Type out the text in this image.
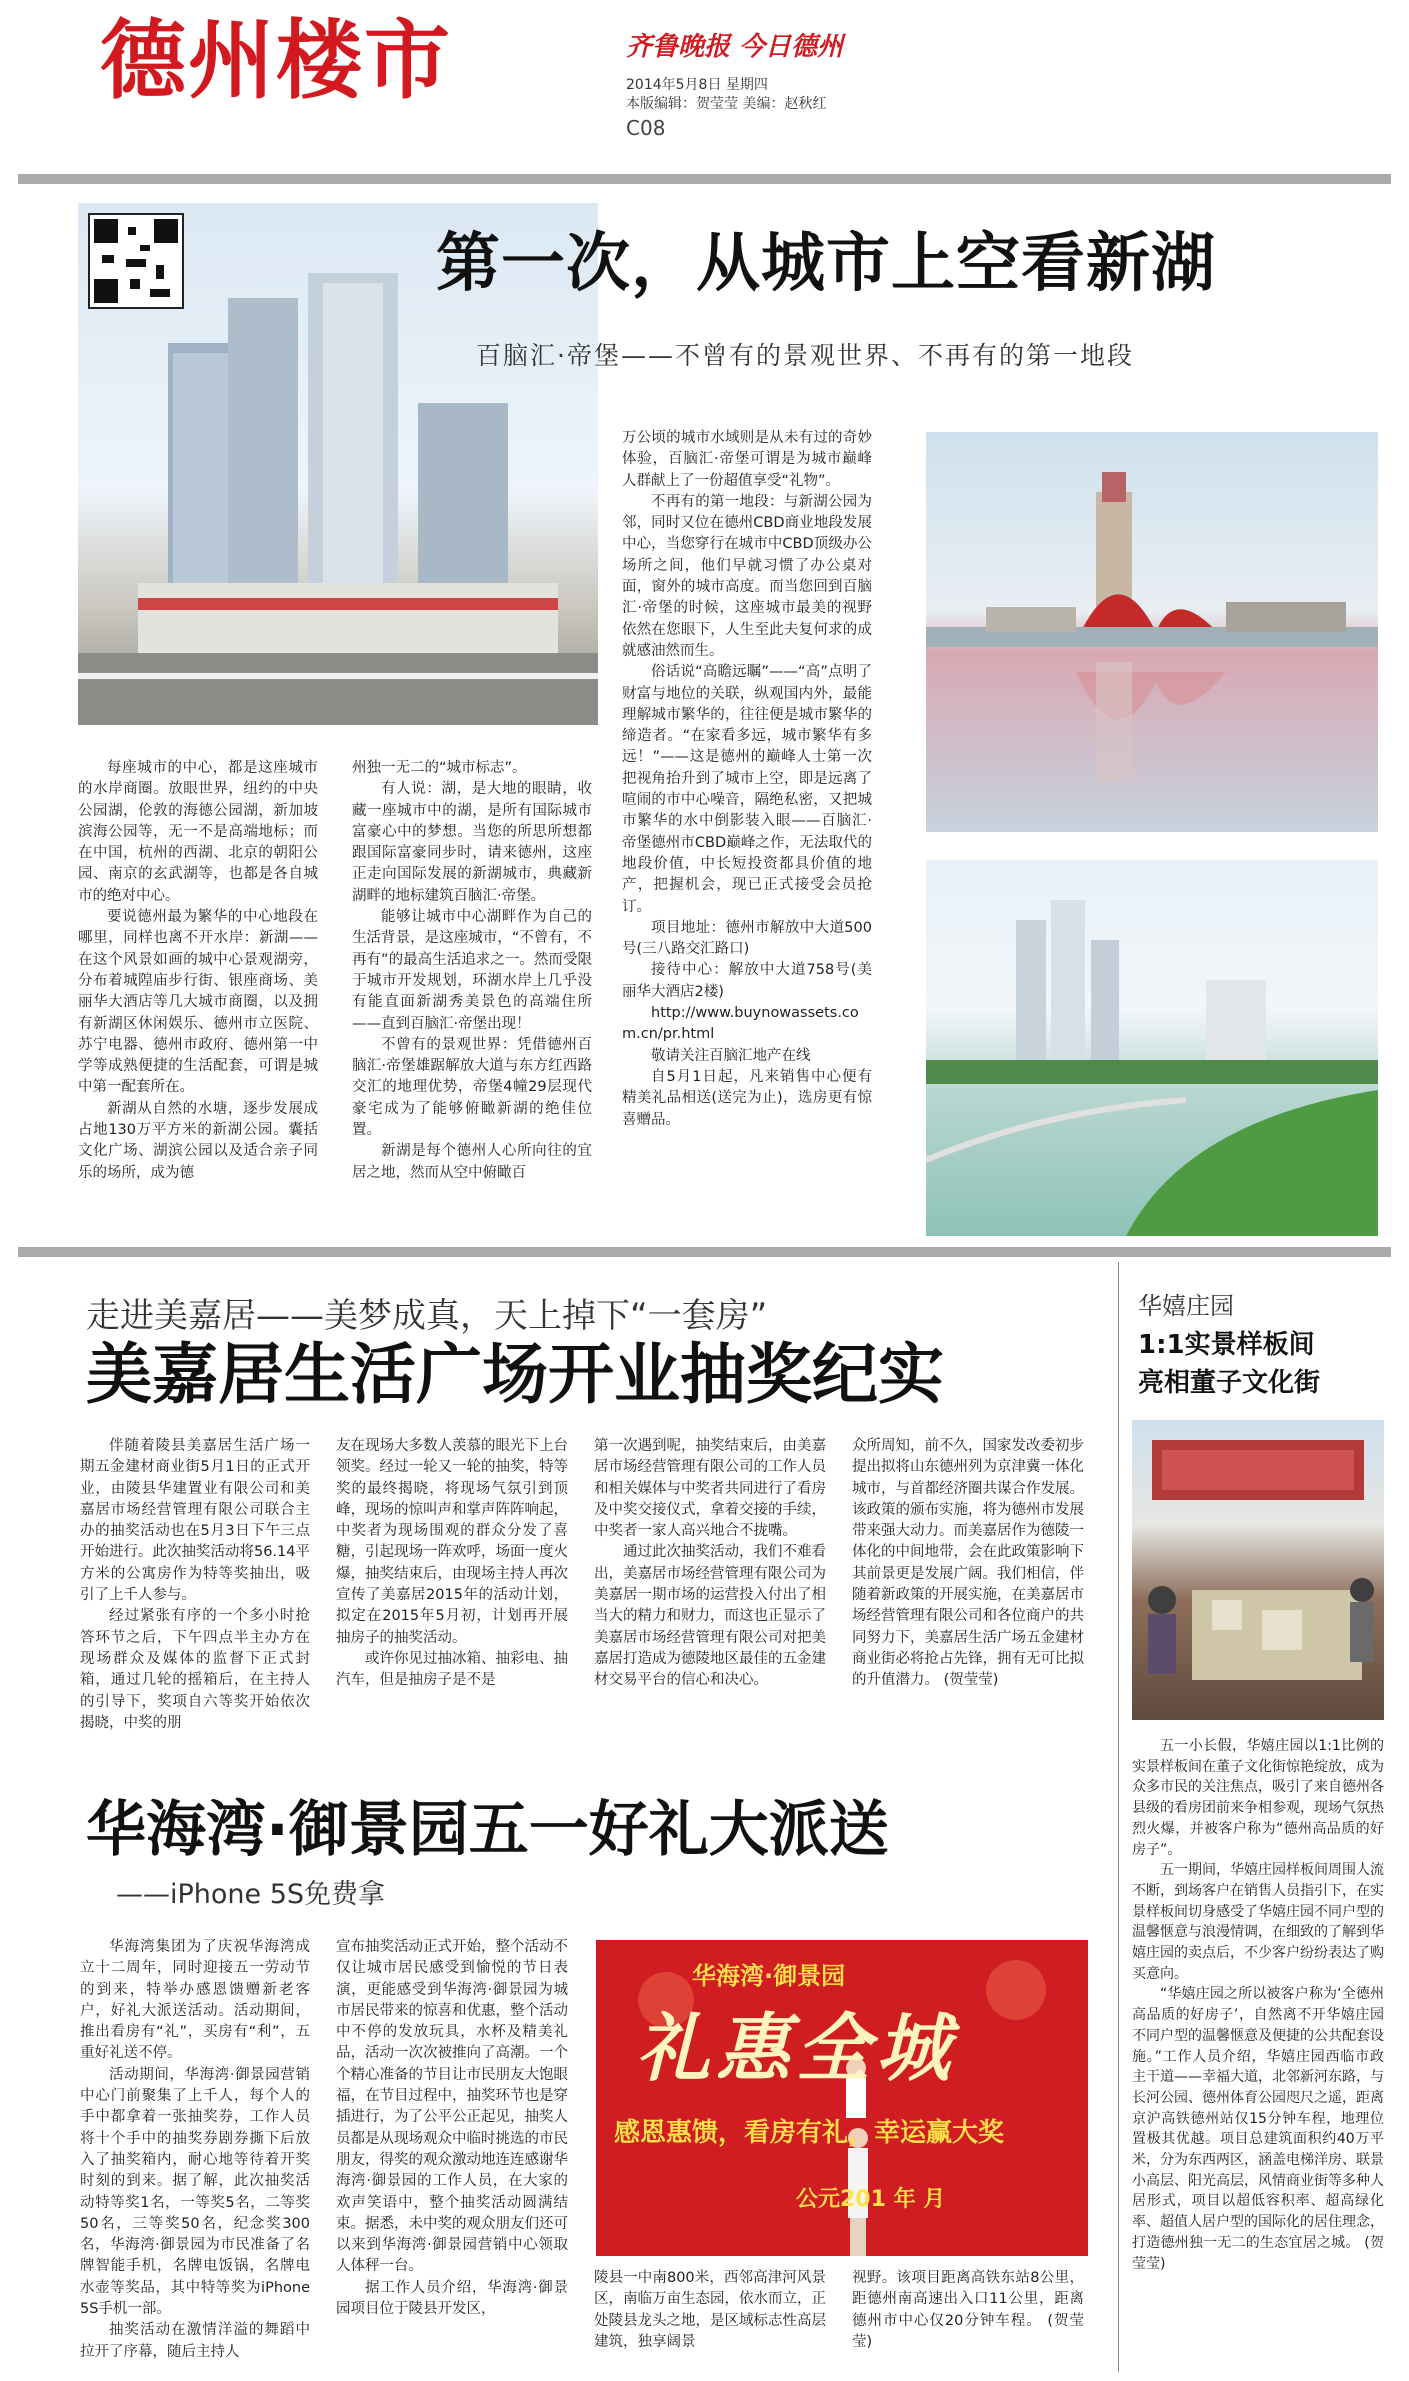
德州楼市	齐鲁晚报 今日德州
2014年5月8日 星期四
本版编辑：贺莹莹 美编：赵秋红
C08
第一次，从城市上空看新湖
百脑汇·帝堡——不曾有的景观世界、不再有的第一地段

每座城市的中心，都是这座城市的水岸商圈。放眼世界，纽约的中央公园湖，伦敦的海德公园湖，新加坡滨海公园等，无一不是高端地标；而在中国，杭州的西湖、北京的朝阳公园、南京的玄武湖等，也都是各自城市的绝对中心。

要说德州最为繁华的中心地段在哪里，同样也离不开水岸：新湖——在这个风景如画的城中心景观湖旁，分布着城隍庙步行街、银座商场、美丽华大酒店等几大城市商圈，以及拥有新湖区休闲娱乐、德州市立医院、苏宁电器、德州市政府、德州第一中学等成熟便捷的生活配套，可谓是城中第一配套所在。

新湖从自然的水塘，逐步发展成占地130万平方米的新湖公园。囊括文化广场、湖滨公园以及适合亲子同乐的场所，成为德

州独一无二的“城市标志”。

有人说：湖，是大地的眼睛，收藏一座城市中的湖，是所有国际城市富豪心中的梦想。当您的所思所想都跟国际富豪同步时，请来德州，这座正走向国际发展的新湖城市，典藏新湖畔的地标建筑百脑汇·帝堡。

能够让城市中心湖畔作为自己的生活背景，是这座城市，“不曾有，不再有”的最高生活追求之一。然而受限于城市开发规划，环湖水岸上几乎没有能直面新湖秀美景色的高端住所——直到百脑汇·帝堡出现！

不曾有的景观世界：凭借德州百脑汇·帝堡雄踞解放大道与东方红西路交汇的地理优势，帝堡4幢29层现代豪宅成为了能够俯瞰新湖的绝佳位置。

新湖是每个德州人心所向往的宜居之地，然而从空中俯瞰百

万公顷的城市水域则是从未有过的奇妙体验，百脑汇·帝堡可谓是为城市巅峰人群献上了一份超值享受“礼物”。

不再有的第一地段：与新湖公园为邻，同时又位在德州CBD商业地段发展中心，当您穿行在城市中CBD顶级办公场所之间，他们早就习惯了办公桌对面，窗外的城市高度。而当您回到百脑汇·帝堡的时候，这座城市最美的视野依然在您眼下，人生至此夫复何求的成就感油然而生。

俗话说“高瞻远瞩”——“高”点明了财富与地位的关联，纵观国内外，最能理解城市繁华的，往往便是城市繁华的缔造者。“在家看多远，城市繁华有多远！”——这是德州的巅峰人士第一次把视角抬升到了城市上空，即是远离了喧闹的市中心噪音，隔绝私密，又把城市繁华的水中倒影装入眼——百脑汇·帝堡德州市CBD巅峰之作，无法取代的地段价值，中长短投资都具价值的地产，把握机会，现已正式接受会员抢订。

项目地址：德州市解放中大道500号(三八路交汇路口)

接待中心：解放中大道758号(美丽华大酒店2楼)

http://www.buynowassets.com.cn/pr.html

敬请关注百脑汇地产在线

自5月1日起，凡来销售中心便有精美礼品相送(送完为止)，选房更有惊喜赠品。

走进美嘉居——美梦成真，天上掉下“一套房”
美嘉居生活广场开业抽奖纪实

伴随着陵县美嘉居生活广场一期五金建材商业街5月1日的正式开业，由陵县华建置业有限公司和美嘉居市场经营管理有限公司联合主办的抽奖活动也在5月3日下午三点开始进行。此次抽奖活动将56.14平方米的公寓房作为特等奖抽出，吸引了上千人参与。

经过紧张有序的一个多小时抢答环节之后，下午四点半主办方在现场群众及媒体的监督下正式封箱，通过几轮的摇箱后，在主持人的引导下，奖项自六等奖开始依次揭晓，中奖的朋

友在现场大多数人羡慕的眼光下上台领奖。经过一轮又一轮的抽奖，特等奖的最终揭晓，将现场气氛引到顶峰，现场的惊叫声和掌声阵阵响起，中奖者为现场围观的群众分发了喜糖，引起现场一阵欢呼，场面一度火爆，抽奖结束后，由现场主持人再次宣传了美嘉居2015年的活动计划，拟定在2015年5月初，计划再开展抽房子的抽奖活动。

或许你见过抽冰箱、抽彩电、抽汽车，但是抽房子是不是

第一次遇到呢，抽奖结束后，由美嘉居市场经营管理有限公司的工作人员和相关媒体与中奖者共同进行了看房及中奖交接仪式，拿着交接的手续，中奖者一家人高兴地合不拢嘴。

通过此次抽奖活动，我们不难看出，美嘉居市场经营管理有限公司为美嘉居一期市场的运营投入付出了相当大的精力和财力，而这也正显示了美嘉居市场经营管理有限公司对把美嘉居打造成为德陵地区最佳的五金建材交易平台的信心和决心。

众所周知，前不久，国家发改委初步提出拟将山东德州列为京津冀一体化城市，与首都经济圈共谋合作发展。该政策的颁布实施，将为德州市发展带来强大动力。而美嘉居作为德陵一体化的中间地带，会在此政策影响下其前景更是发展广阔。我们相信，伴随着新政策的开展实施，在美嘉居市场经营管理有限公司和各位商户的共同努力下，美嘉居生活广场五金建材商业街必将抢占先锋，拥有无可比拟的升值潜力。 (贺莹莹)

华嬉庄园
1:1实景样板间
亮相董子文化街

五一小长假，华嬉庄园以1:1比例的实景样板间在董子文化街惊艳绽放，成为众多市民的关注焦点，吸引了来自德州各县级的看房团前来争相参观，现场气氛热烈火爆，并被客户称为“德州高品质的好房子”。

五一期间，华嬉庄园样板间周围人流不断，到场客户在销售人员指引下，在实景样板间切身感受了华嬉庄园不同户型的温馨惬意与浪漫情调，在细致的了解到华嬉庄园的卖点后，不少客户纷纷表达了购买意向。

“华嬉庄园之所以被客户称为‘全德州高品质的好房子’，自然离不开华嬉庄园不同户型的温馨惬意及便捷的公共配套设施。”工作人员介绍，华嬉庄园西临市政主干道——幸福大道，北邻新河东路，与长河公园、德州体育公园咫尺之遥，距离京沪高铁德州站仅15分钟车程，地理位置极其优越。项目总建筑面积约40万平米，分为东西两区，涵盖电梯洋房、联景小高层、阳光高层，风情商业街等多种人居形式，项目以超低容积率、超高绿化率、超值人居户型的国际化的居住理念，打造德州独一无二的生态宜居之城。 (贺莹莹)

华海湾·御景园五一好礼大派送
——iPhone 5S免费拿

华海湾集团为了庆祝华海湾成立十二周年，同时迎接五一劳动节的到来，特举办感恩馈赠新老客户，好礼大派送活动。活动期间，推出看房有“礼”，买房有“利”，五重好礼送不停。

活动期间，华海湾·御景园营销中心门前聚集了上千人，每个人的手中都拿着一张抽奖券，工作人员将十个手中的抽奖券剧券撕下后放入了抽奖箱内，耐心地等待着开奖时刻的到来。据了解，此次抽奖活动特等奖1名，一等奖5名，二等奖50名，三等奖50名，纪念奖300名，华海湾·御景园为市民准备了名牌智能手机，名牌电饭锅，名牌电水壶等奖品，其中特等奖为iPhone 5S手机一部。

抽奖活动在激情洋溢的舞蹈中拉开了序幕，随后主持人

宣布抽奖活动正式开始，整个活动不仅让城市居民感受到愉悦的节日表演，更能感受到华海湾·御景园为城市居民带来的惊喜和优惠，整个活动中不停的发放玩具，水杯及精美礼品，活动一次次被推向了高潮。一个个精心准备的节目让市民朋友大饱眼福，在节目过程中，抽奖环节也是穿插进行，为了公平公正起见，抽奖人员都是从现场观众中临时挑选的市民朋友，得奖的观众激动地连连感谢华海湾·御景园的工作人员，在大家的欢声笑语中，整个抽奖活动圆满结束。据悉，未中奖的观众朋友们还可以来到华海湾·御景园营销中心领取人体秤一台。

据工作人员介绍，华海湾·御景园项目位于陵县开发区，

华海湾·御景园
礼惠全城
感恩惠馈，看房有礼，幸运赢大奖
公元201 年 月

陵县一中南800米，西邻高津河风景区，南临万亩生态园，依水而立，正处陵县龙头之地，是区域标志性高层建筑，独享阔景

视野。该项目距离高铁东站8公里，距德州南高速出入口11公里，距离德州市中心仅20分钟车程。 (贺莹莹)
